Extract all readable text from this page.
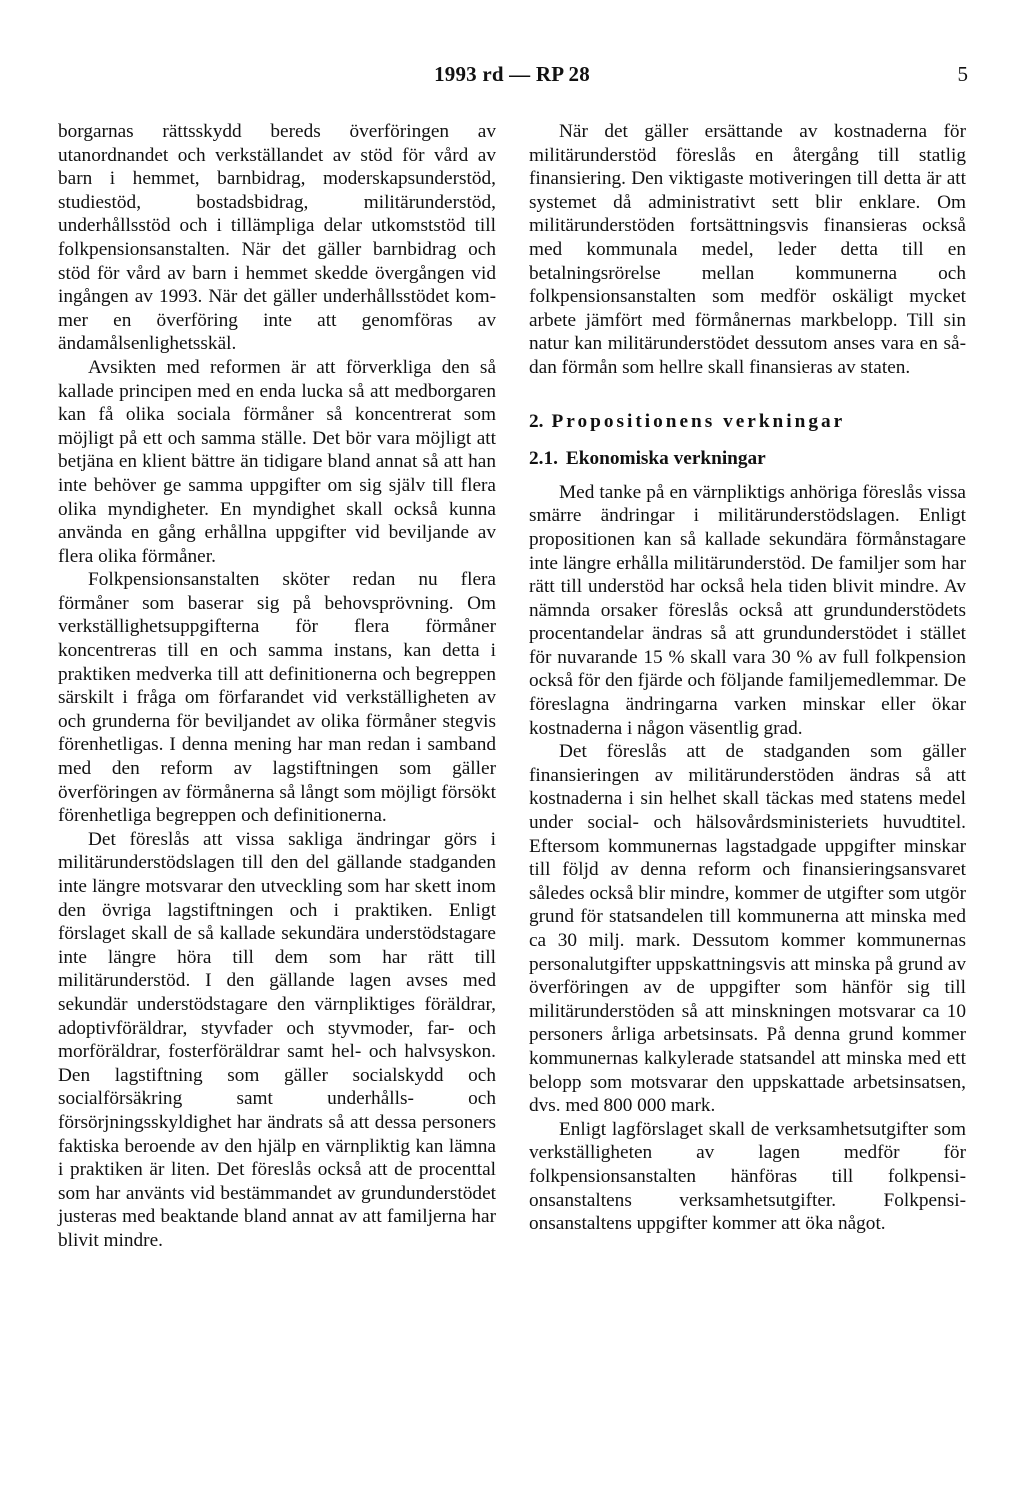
1993 rd — RP 28	5

borgarnas rättsskydd bereds överföringen av utanordnandet och verkställandet av stöd för vård av barn i hemmet, barnbidrag, moderskapsunderstöd, studiestöd, bostadsbidrag, militärunderstöd, underhållsstöd och i tillämpliga delar utkomststöd till folkpensionsanstalten. När det gäller barnbidrag och stöd för vård av barn i hemmet skedde övergången vid ingången av 1993. När det gäller underhållsstödet kommer en överföring inte att genomföras av ändamålsenlighetsskäl.

Avsikten med reformen är att förverkliga den så kallade principen med en enda lucka så att medborgaren kan få olika sociala förmåner så koncentrerat som möjligt på ett och samma ställe. Det bör vara möjligt att betjäna en klient bättre än tidigare bland annat så att han inte behöver ge samma uppgifter om sig själv till flera olika myndigheter. En myndighet skall också kunna använda en gång erhållna uppgifter vid beviljande av flera olika förmåner.

Folkpensionsanstalten sköter redan nu flera förmåner som baserar sig på behovsprövning. Om verkställighetsuppgifterna för flera förmåner koncentreras till en och samma instans, kan detta i praktiken medverka till att definitionerna och begreppen särskilt i fråga om förfarandet vid verkställigheten av och grunderna för beviljandet av olika förmåner stegvis förenhetligas. I denna mening har man redan i samband med den reform av lagstiftningen som gäller överföringen av förmånerna så långt som möjligt försökt förenhetliga begreppen och definitionerna.

Det föreslås att vissa sakliga ändringar görs i militärunderstödslagen till den del gällande stadganden inte längre motsvarar den utveckling som har skett inom den övriga lagstiftningen och i praktiken. Enligt förslaget skall de så kallade sekundära understödstagare inte längre höra till dem som har rätt till militärunderstöd. I den gällande lagen avses med sekundär understödstagare den värnpliktiges föräldrar, adoptivföräldrar, styvfader och styvmoder, far- och morföräldrar, fosterföräldrar samt hel- och halvsyskon. Den lagstiftning som gäller socialskydd och socialförsäkring samt underhålls- och försörjningsskyldighet har ändrats så att dessa personers faktiska beroende av den hjälp en värnpliktig kan lämna i praktiken är liten. Det föreslås också att de procenttal som har använts vid bestämmandet av grundunderstödet justeras med beaktande bland annat av att familjerna har blivit mindre.

När det gäller ersättande av kostnaderna för militärunderstöd föreslås en återgång till statlig finansiering. Den viktigaste motiveringen till detta är att systemet då administrativt sett blir enklare. Om militärunderstöden fortsättningsvis finansieras också med kommunala medel, leder detta till en betalningsrörelse mellan kommunerna och folkpensionsanstalten som medför oskäligt mycket arbete jämfört med förmånernas markbelopp. Till sin natur kan militärunderstödet dessutom anses vara en sådan förmån som hellre skall finansieras av staten.

2. Propositionens verkningar
2.1. Ekonomiska verkningar

Med tanke på en värnpliktigs anhöriga föreslås vissa smärre ändringar i militärunderstödslagen. Enligt propositionen kan så kallade sekundära förmånstagare inte längre erhålla militärunderstöd. De familjer som har rätt till understöd har också hela tiden blivit mindre. Av nämnda orsaker föreslås också att grundunderstödets procentandelar ändras så att grundunderstödet i stället för nuvarande 15 % skall vara 30 % av full folkpension också för den fjärde och följande familjemedlemmar. De föreslagna ändringarna varken minskar eller ökar kostnaderna i någon väsentlig grad.

Det föreslås att de stadganden som gäller finansieringen av militärunderstöden ändras så att kostnaderna i sin helhet skall täckas med statens medel under social- och hälsovårdsministeriets huvudtitel. Eftersom kommunernas lagstadgade uppgifter minskar till följd av denna reform och finansieringsansvaret således också blir mindre, kommer de utgifter som utgör grund för statsandelen till kommunerna att minska med ca 30 milj. mark. Dessutom kommer kommunernas personalutgifter uppskattningsvis att minska på grund av överföringen av de uppgifter som hänför sig till militärunderstöden så att minskningen motsvarar ca 10 personers årliga arbetsinsats. På denna grund kommer kommunernas kalkylerade statsandel att minska med ett belopp som motsvarar den uppskattade arbetsinsatsen, dvs. med 800 000 mark.

Enligt lagförslaget skall de verksamhetsutgifter som verkställigheten av lagen medför för folkpensionsanstalten hänföras till folkpensionsanstaltens verksamhetsutgifter. Folkpensionsanstaltens uppgifter kommer att öka något.
